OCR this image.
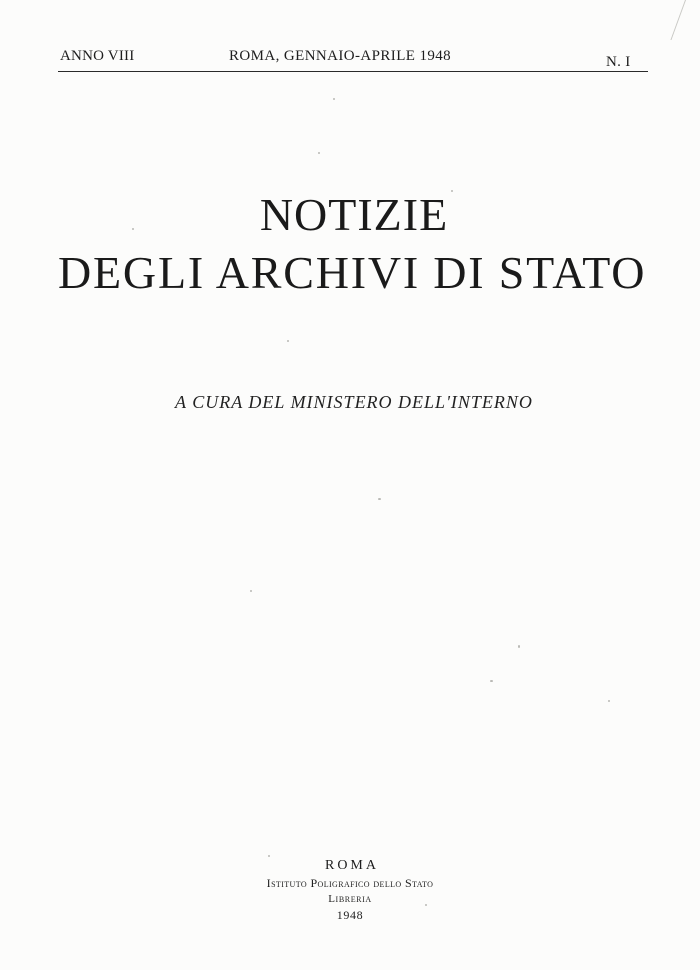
ANNO VIII	ROMA, GENNAIO-APRILE 1948	N. I
NOTIZIE
DEGLI ARCHIVI DI STATO
A CURA DEL MINISTERO DELL'INTERNO
ROMA
Istituto Poligrafico dello Stato
Libreria
1948
